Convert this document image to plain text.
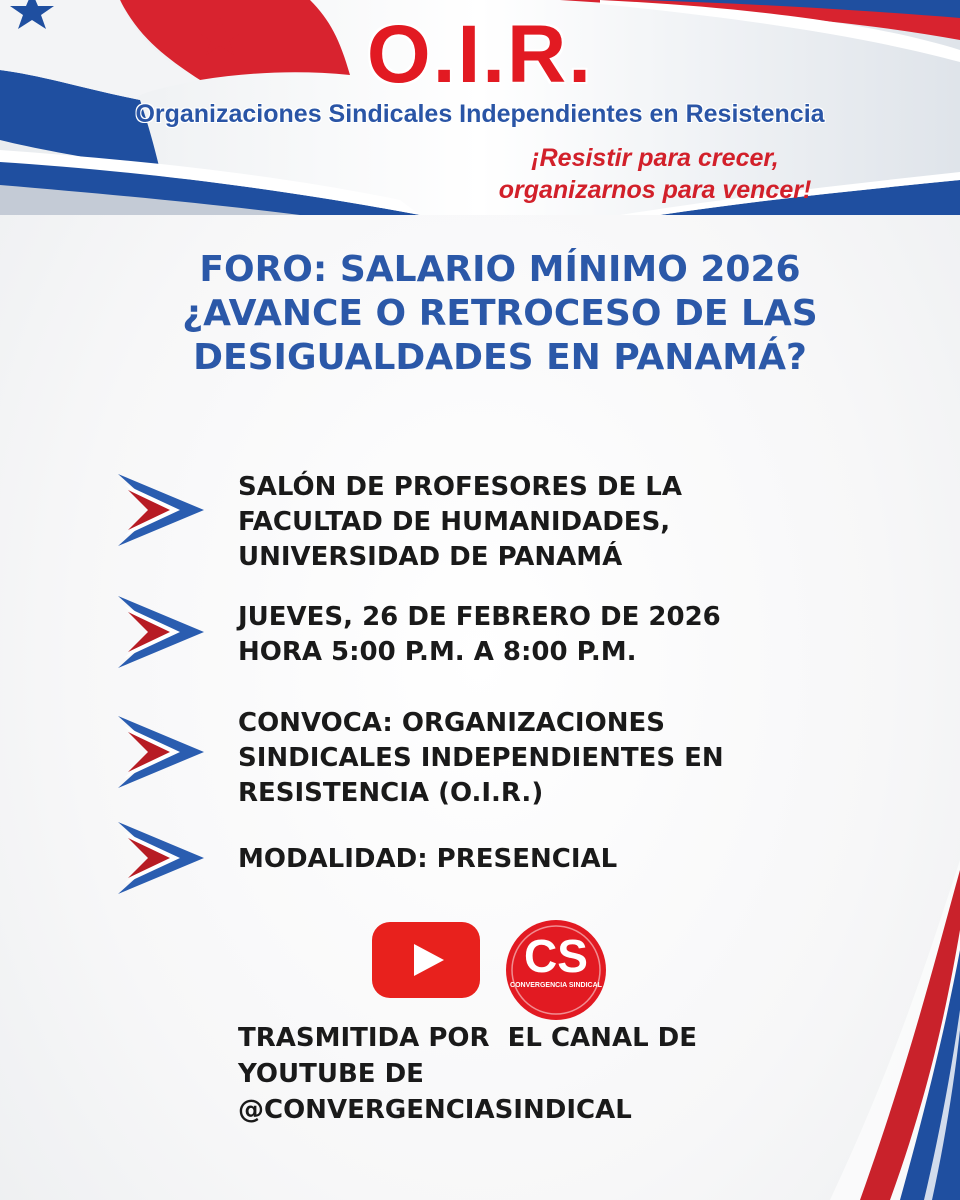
O.I.R.
Organizaciones Sindicales Independientes en Resistencia
¡Resistir para crecer,
organizarnos para vencer!
FORO: SALARIO MÍNIMO 2026
¿AVANCE O RETROCESO DE LAS
DESIGUALDADES EN PANAMÁ?
SALÓN DE PROFESORES DE LA
FACULTAD DE HUMANIDADES,
UNIVERSIDAD DE PANAMÁ
JUEVES, 26 DE FEBRERO DE 2026
HORA 5:00 P.M. A 8:00 P.M.
CONVOCA: ORGANIZACIONES
SINDICALES INDEPENDIENTES EN
RESISTENCIA (O.I.R.)
MODALIDAD: PRESENCIAL
CS
CONVERGENCIA SINDICAL
TRASMITIDA POR  EL CANAL DE
YOUTUBE DE
@CONVERGENCIASINDICAL
